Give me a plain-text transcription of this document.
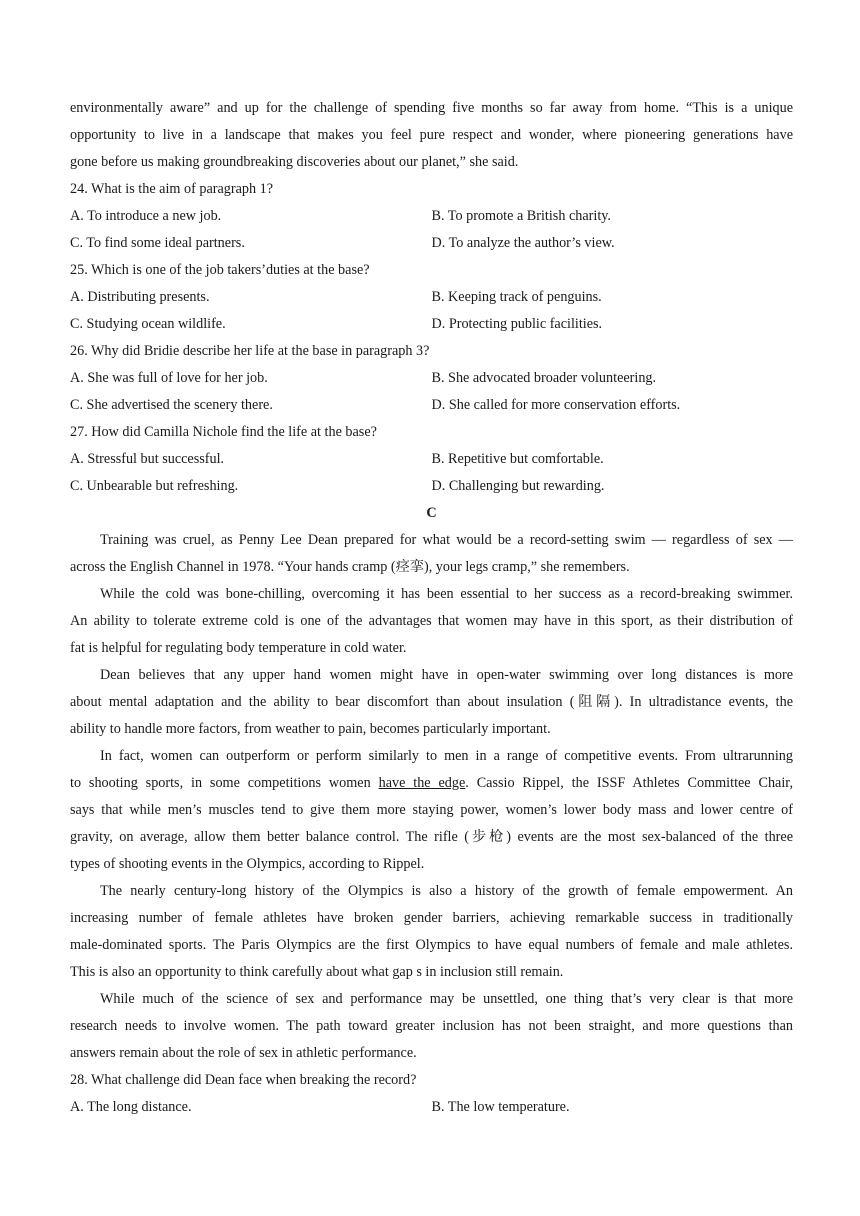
environmentally aware” and up for the challenge of spending five months so far away from home. “This is a unique
opportunity to live in a landscape that makes you feel pure respect and wonder, where pioneering generations have
gone before us making groundbreaking discoveries about our planet,” she said.
24. What is the aim of paragraph 1?
A. To introduce a new job.	B. To promote a British charity.
C. To find some ideal partners.	D. To analyze the author’s view.
25. Which is one of the job takers’duties at the base?
A. Distributing presents.	B. Keeping track of penguins.
C. Studying ocean wildlife.	D. Protecting public facilities.
26. Why did Bridie describe her life at the base in paragraph 3?
A. She was full of love for her job.	B. She advocated broader volunteering.
C. She advertised the scenery there.	D. She called for more conservation efforts.
27. How did Camilla Nichole find the life at the base?
A. Stressful but successful.	B. Repetitive but comfortable.
C. Unbearable but refreshing.	D. Challenging but rewarding.
C
Training was cruel, as Penny Lee Dean prepared for what would be a record-setting swim — regardless of sex —
across the English Channel in 1978. “Your hands cramp (痉挛), your legs cramp,” she remembers.
While the cold was bone-chilling, overcoming it has been essential to her success as a record-breaking swimmer.
An ability to tolerate extreme cold is one of the advantages that women may have in this sport, as their distribution of
fat is helpful for regulating body temperature in cold water.
Dean believes that any upper hand women might have in open-water swimming over long distances is more
about mental adaptation and the ability to bear discomfort than about insulation (阻隔). In ultradistance events, the
ability to handle more factors, from weather to pain, becomes particularly important.
In fact, women can outperform or perform similarly to men in a range of competitive events. From ultrarunning
to shooting sports, in some competitions women have the edge. Cassio Rippel, the ISSF Athletes Committee Chair,
says that while men’s muscles tend to give them more staying power, women’s lower body mass and lower centre of
gravity, on average, allow them better balance control. The rifle (步枪) events are the most sex-balanced of the three
types of shooting events in the Olympics, according to Rippel.
The nearly century-long history of the Olympics is also a history of the growth of female empowerment. An
increasing number of female athletes have broken gender barriers, achieving remarkable success in traditionally
male-dominated sports. The Paris Olympics are the first Olympics to have equal numbers of female and male athletes.
This is also an opportunity to think carefully about what gap s in inclusion still remain.
While much of the science of sex and performance may be unsettled, one thing that’s very clear is that more
research needs to involve women. The path toward greater inclusion has not been straight, and more questions than
answers remain about the role of sex in athletic performance.
28. What challenge did Dean face when breaking the record?
A. The long distance.	B. The low temperature.
